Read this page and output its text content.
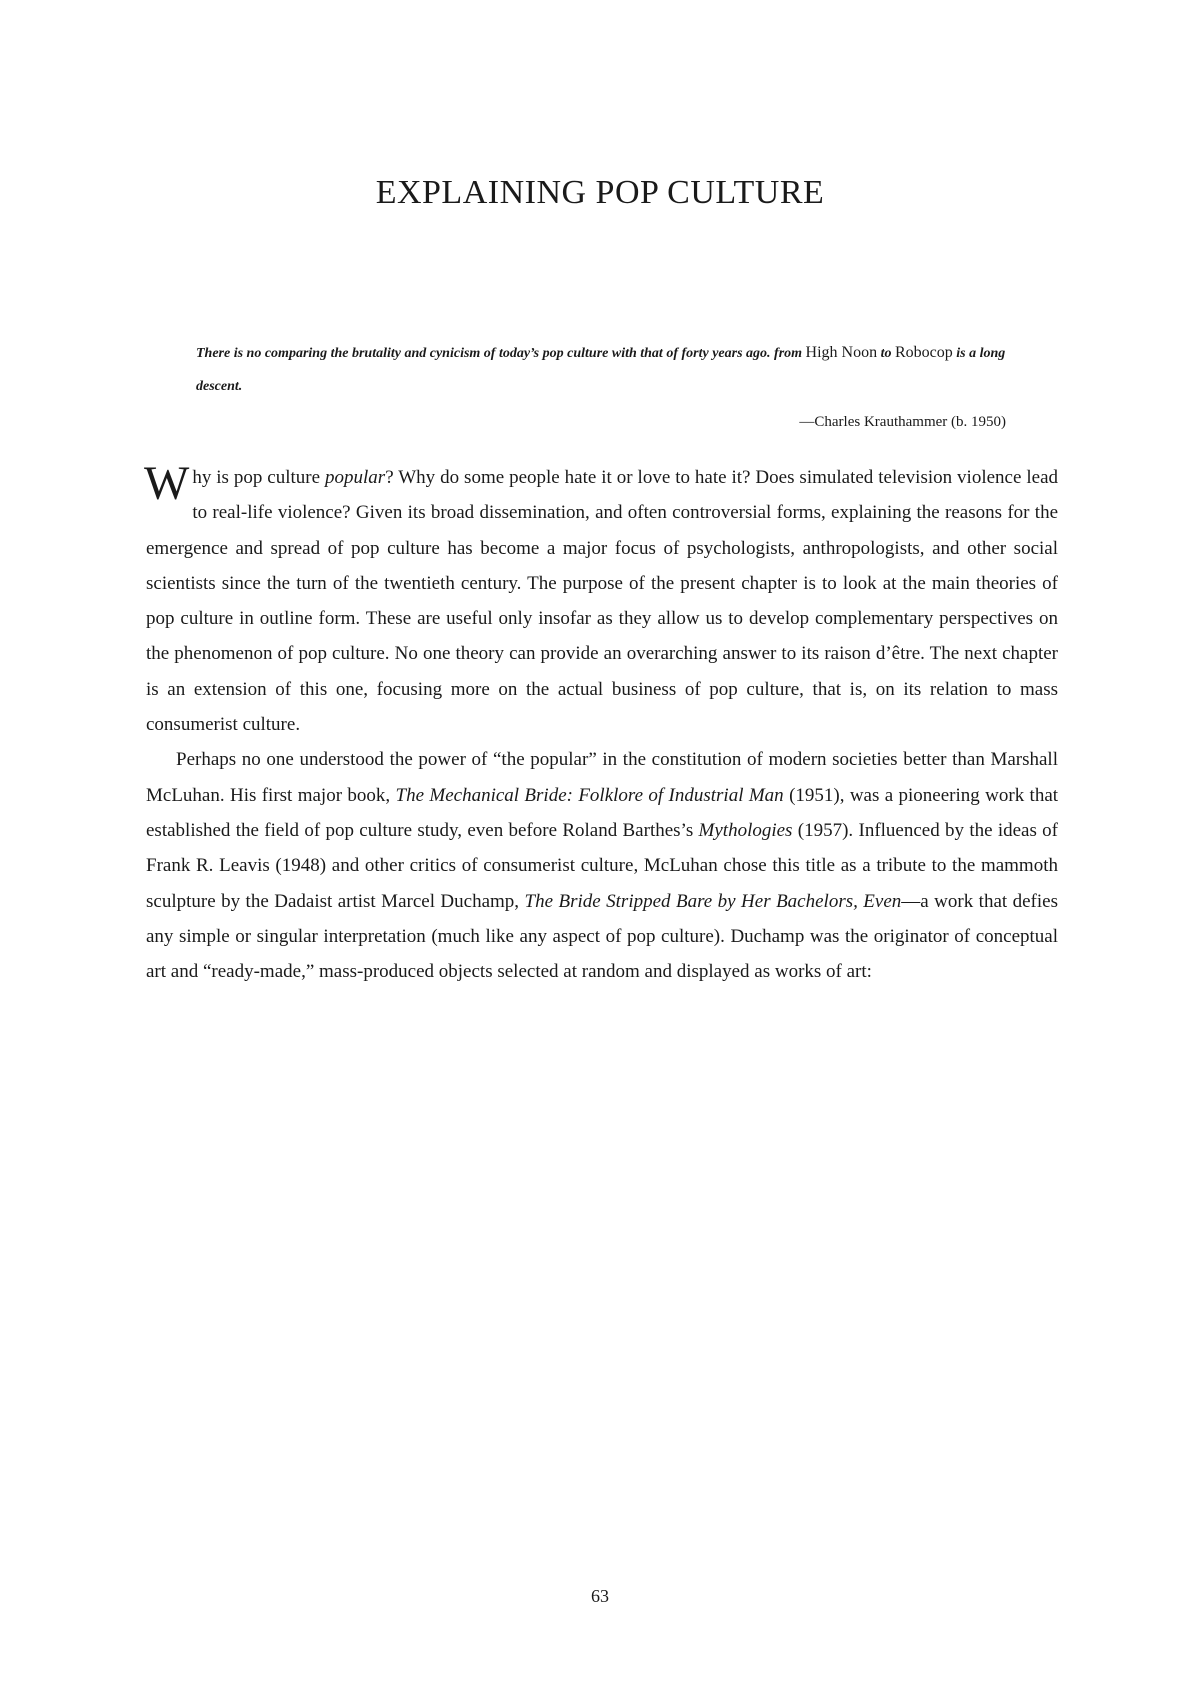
EXPLAINING POP CULTURE

There is no comparing the brutality and cynicism of today’s pop culture with that of forty years ago. from High Noon to Robocop is a long descent.

—Charles Krauthammer (b. 1950)

Why is pop culture popular? Why do some people hate it or love to hate it? Does simulated television violence lead to real-life violence? Given its broad dissemination, and often controversial forms, explaining the reasons for the emergence and spread of pop culture has become a major focus of psychologists, anthropologists, and other social scientists since the turn of the twentieth century. The purpose of the present chapter is to look at the main theories of pop culture in outline form. These are useful only insofar as they allow us to develop complementary perspectives on the phenomenon of pop culture. No one theory can provide an overarching answer to its raison d’être. The next chapter is an extension of this one, focusing more on the actual business of pop culture, that is, on its relation to mass consumerist culture.

Perhaps no one understood the power of “the popular” in the constitution of modern societies better than Marshall McLuhan. His first major book, The Mechanical Bride: Folklore of Industrial Man (1951), was a pioneering work that established the field of pop culture study, even before Roland Barthes’s Mythologies (1957). Influenced by the ideas of Frank R. Leavis (1948) and other critics of consumerist culture, McLuhan chose this title as a tribute to the mammoth sculpture by the Dadaist artist Marcel Duchamp, The Bride Stripped Bare by Her Bachelors, Even—a work that defies any simple or singular interpretation (much like any aspect of pop culture). Duchamp was the originator of conceptual art and “ready-made,” mass-produced objects selected at random and displayed as works of art:

63
